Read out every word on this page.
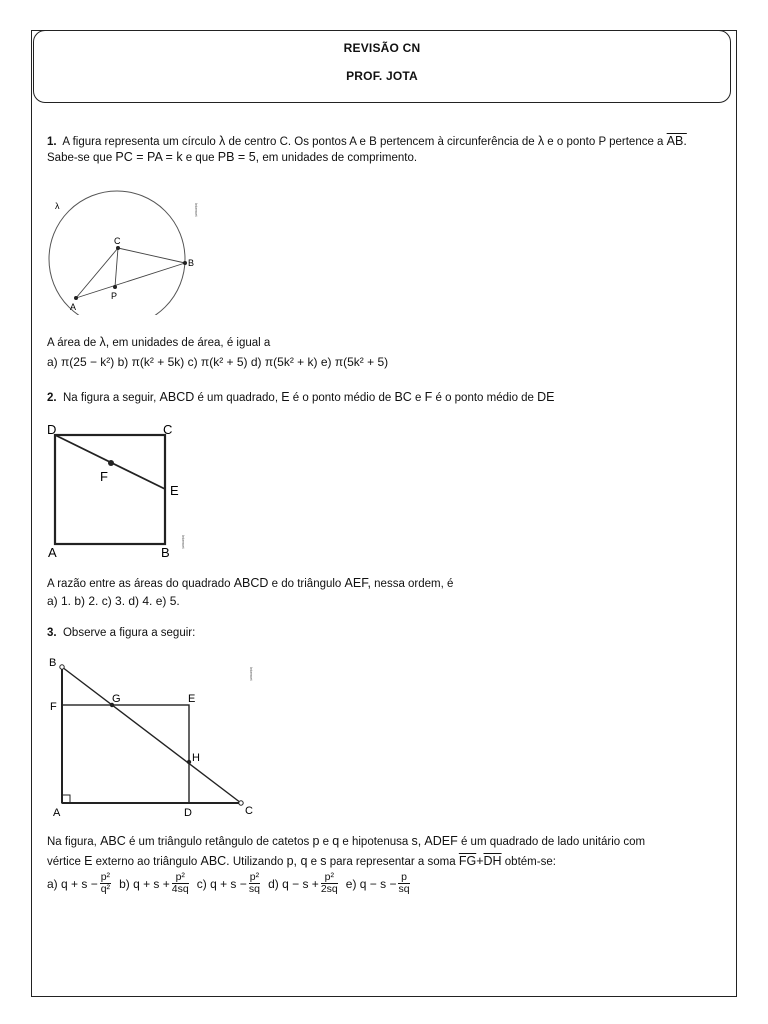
REVISÃO CN
PROF. JOTA
1. A figura representa um círculo λ de centro C. Os pontos A e B pertencem à circunferência de λ e o ponto P pertence a AB.
Sabe-se que PC = PA = k e que PB = 5, em unidades de comprimento.
λ
C
B
A
P
Internet
A área de λ, em unidades de área, é igual a
a) π(25 − k²) b) π(k² + 5k) c) π(k² + 5) d) π(5k² + k) e) π(5k² + 5)
2. Na figura a seguir, ABCD é um quadrado, E é o ponto médio de BC e F é o ponto médio de DE
D	C
F
E
A	B
Internet
A razão entre as áreas do quadrado ABCD e do triângulo AEF, nessa ordem, é
a) 1. b) 2. c) 3. d) 4. e) 5.
3. Observe a figura a seguir:
B
G	E
F
H
A	D	C
Internet
Na figura, ABC é um triângulo retângulo de catetos p e q e hipotenusa s, ADEF é um quadrado de lado unitário com
vértice E externo ao triângulo ABC. Utilizando p, q e s para representar a soma $\overline{FG}+\overline{DH}$ obtém-se:
a)
$q + s - \frac{\text{p²}}{\text{q²}} b$)
$q + s + \frac{\text{p²}}{4sq} c$)
$q + s - \frac{\text{p²}}{sq} d$)
$q - s + \frac{\text{p²}}{2sq} e$)
$q - s - \frac{p}{sq}$
